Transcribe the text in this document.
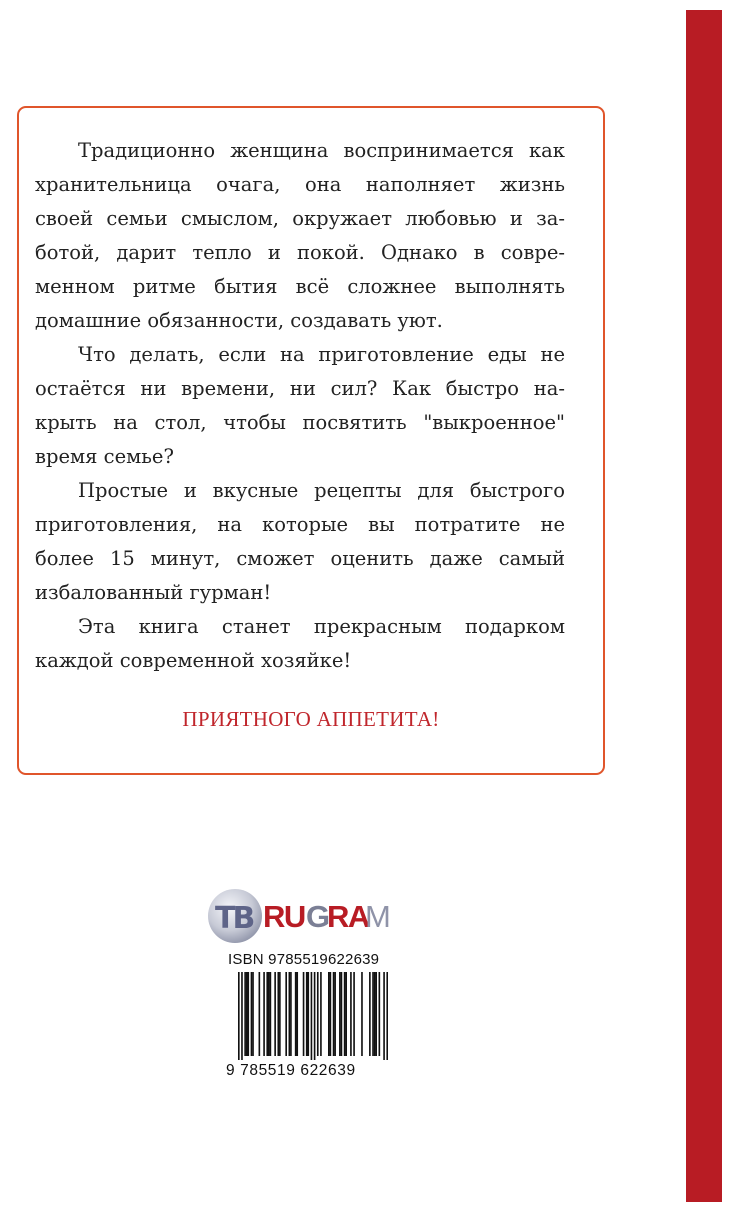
Традиционно женщина воспринимается как
хранительница очага, она наполняет жизнь
своей семьи смыслом, окружает любовью и за-
ботой, дарит тепло и покой. Однако в совре-
менном ритме бытия всё сложнее выполнять
домашние обязанности, создавать уют.
Что делать, если на приготовление еды не
остаётся ни времени, ни сил? Как быстро на-
крыть на стол, чтобы посвятить "выкроенное"
время семье?
Простые и вкусные рецепты для быстрого
приготовления, на которые вы потратите не
более 15 минут, сможет оценить даже самый
избалованный гурман!
Эта книга станет прекрасным подарком
каждой современной хозяйке!
ПРИЯТНОГО АППЕТИТА!
TB RU G
RA
M
ISBN 9785519622639
9 785519 622639
